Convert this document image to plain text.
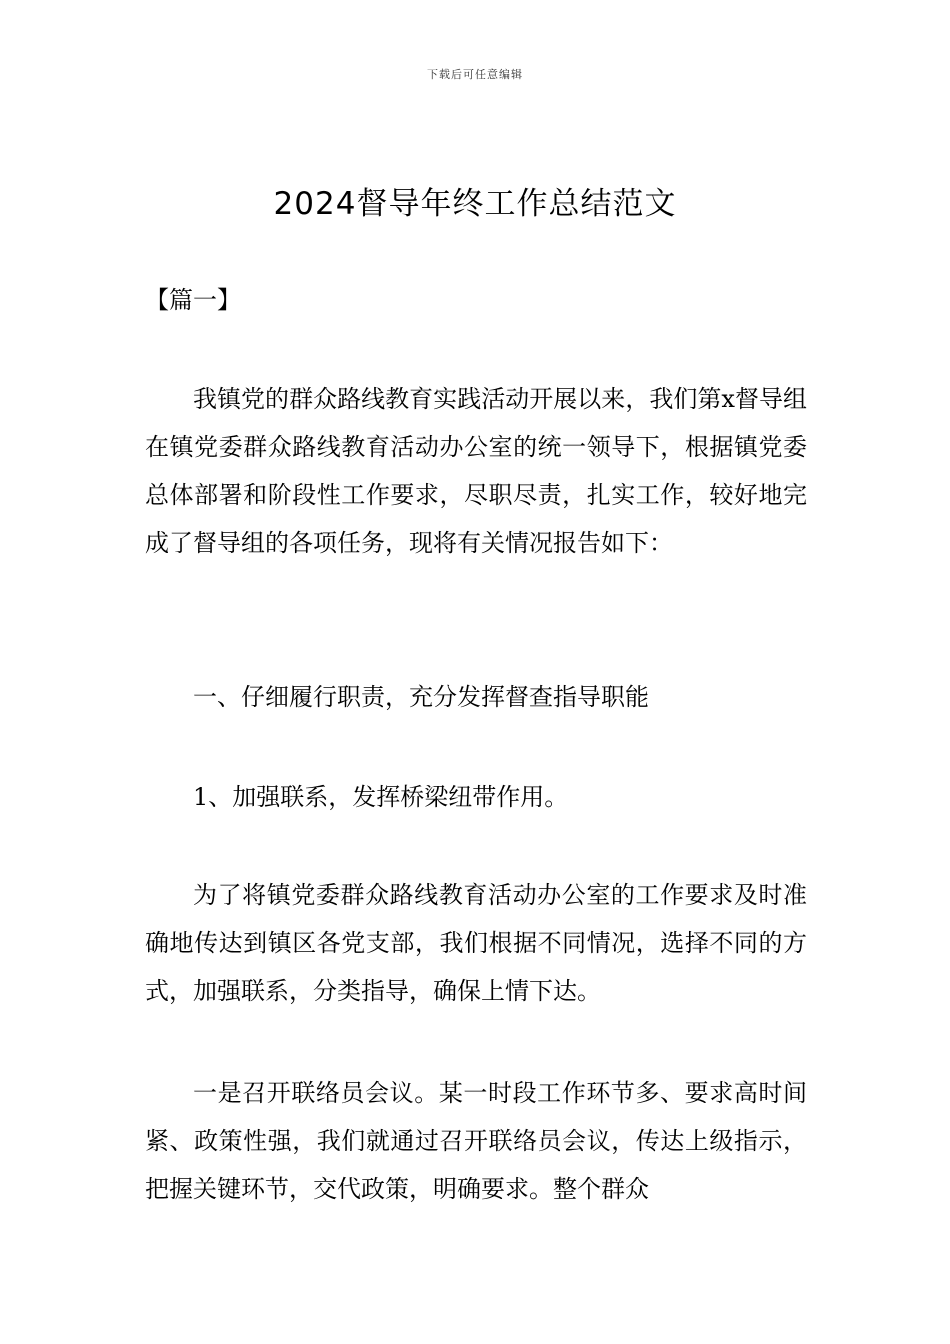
下载后可任意编辑
2024督导年终工作总结范文
【篇一】

我镇党的群众路线教育实践活动开展以来，我们第x督导组在镇党委群众路线教育活动办公室的统一领导下，根据镇党委总体部署和阶段性工作要求，尽职尽责，扎实工作，较好地完成了督导组的各项任务，现将有关情况报告如下：

一、仔细履行职责，充分发挥督查指导职能

1、加强联系，发挥桥梁纽带作用。

为了将镇党委群众路线教育活动办公室的工作要求及时准确地传达到镇区各党支部，我们根据不同情况，选择不同的方式，加强联系，分类指导，确保上情下达。

一是召开联络员会议。某一时段工作环节多、要求高时间紧、政策性强，我们就通过召开联络员会议，传达上级指示，把握关键环节，交代政策，明确要求。整个群众
